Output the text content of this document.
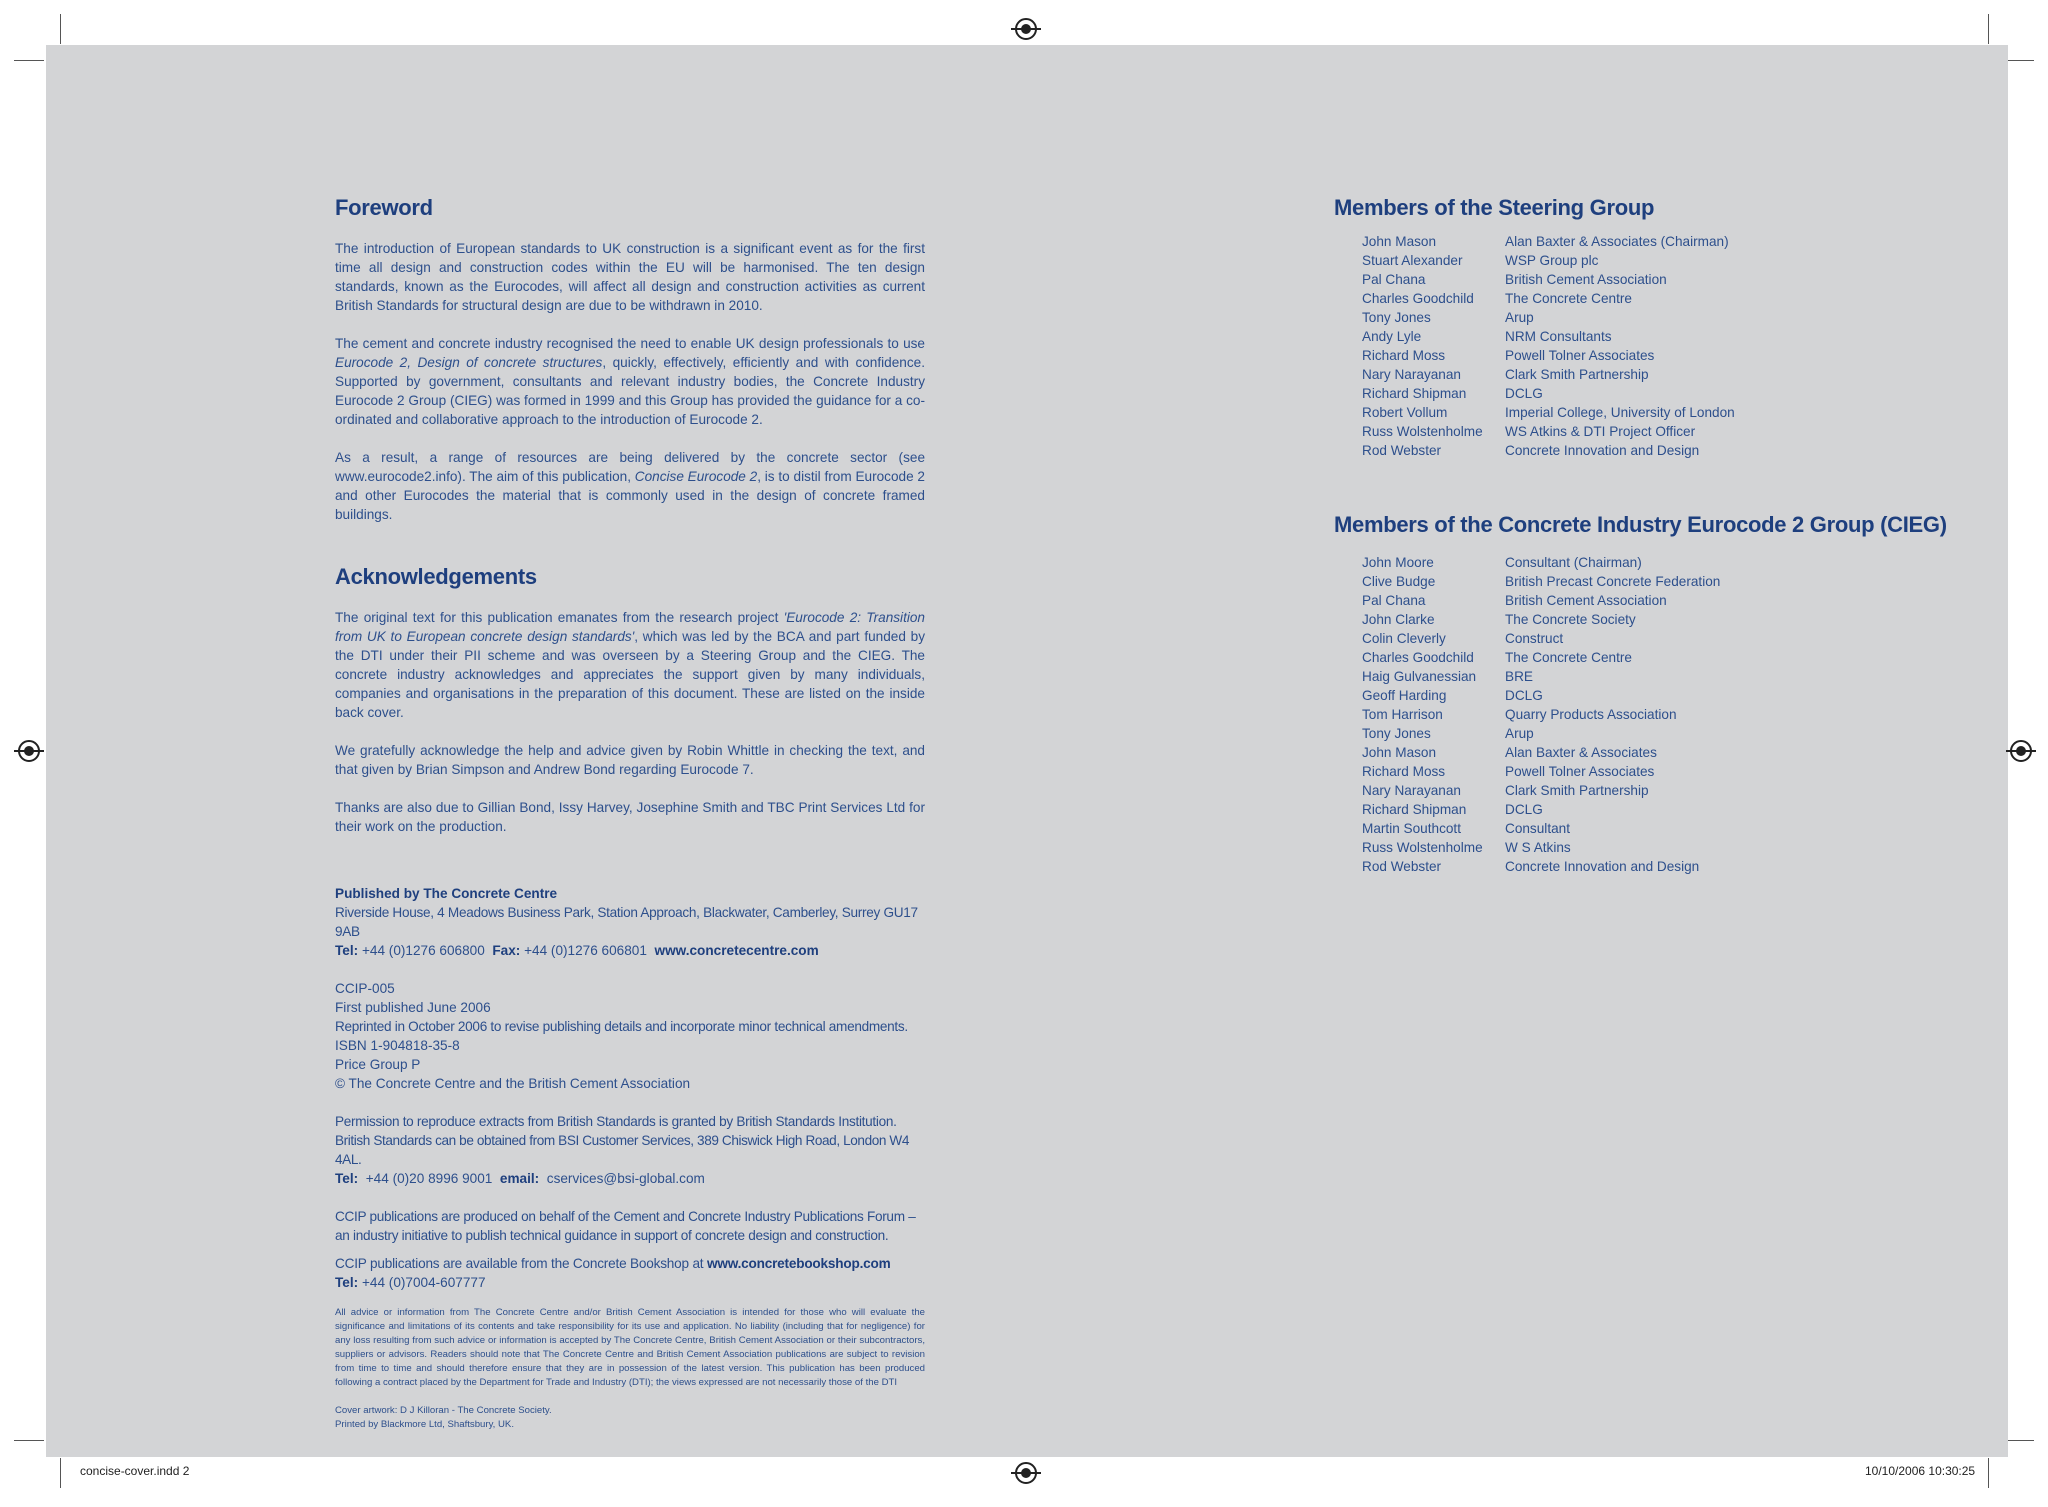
concise-cover.indd 2	10/10/2006 10:30:25
Foreword

The introduction of European standards to UK construction is a significant event as for the first time all design and construction codes within the EU will be harmonised. The ten design standards, known as the Eurocodes, will affect all design and construction activities as current British Standards for structural design are due to be withdrawn in 2010.

The cement and concrete industry recognised the need to enable UK design professionals to use Eurocode 2, Design of concrete structures, quickly, effectively, efficiently and with confidence. Supported by government, consultants and relevant industry bodies, the Concrete Industry Eurocode 2 Group (CIEG) was formed in 1999 and this Group has provided the guidance for a co-ordinated and collaborative approach to the introduction of Eurocode 2.

As a result, a range of resources are being delivered by the concrete sector (see www.eurocode2.info). The aim of this publication, Concise Eurocode 2, is to distil from Eurocode 2 and other Eurocodes the material that is commonly used in the design of concrete framed buildings.

Acknowledgements

The original text for this publication emanates from the research project 'Eurocode 2: Transition from UK to European concrete design standards', which was led by the BCA and part funded by the DTI under their PII scheme and was overseen by a Steering Group and the CIEG. The concrete industry acknowledges and appreciates the support given by many individuals, companies and organisations in the preparation of this document. These are listed on the inside back cover.

We gratefully acknowledge the help and advice given by Robin Whittle in checking the text, and that given by Brian Simpson and Andrew Bond regarding Eurocode 7.

Thanks are also due to Gillian Bond, Issy Harvey, Josephine Smith and TBC Print Services Ltd for their work on the production.

Published by The Concrete Centre

Riverside House, 4 Meadows Business Park, Station Approach, Blackwater, Camberley, Surrey GU17 9AB

Tel: +44 (0)1276 606800 Fax: +44 (0)1276 606801 www.concretecentre.com

CCIP-005

First published June 2006

Reprinted in October 2006 to revise publishing details and incorporate minor technical amendments.

ISBN 1-904818-35-8

Price Group P

© The Concrete Centre and the British Cement Association

Permission to reproduce extracts from British Standards is granted by British Standards Institution.

British Standards can be obtained from BSI Customer Services, 389 Chiswick High Road, London W4 4AL.

Tel: +44 (0)20 8996 9001 email: cservices@bsi-global.com

CCIP publications are produced on behalf of the Cement and Concrete Industry Publications Forum – an industry initiative to publish technical guidance in support of concrete design and construction.

CCIP publications are available from the Concrete Bookshop at www.concretebookshop.com

Tel: +44 (0)7004-607777

All advice or information from The Concrete Centre and/or British Cement Association is intended for those who will evaluate the significance and limitations of its contents and take responsibility for its use and application. No liability (including that for negligence) for any loss resulting from such advice or information is accepted by The Concrete Centre, British Cement Association or their subcontractors, suppliers or advisors. Readers should note that The Concrete Centre and British Cement Association publications are subject to revision from time to time and should therefore ensure that they are in possession of the latest version. This publication has been produced following a contract placed by the Department for Trade and Industry (DTI); the views expressed are not necessarily those of the DTI

Cover artwork: D J Killoran - The Concrete Society.

Printed by Blackmore Ltd, Shaftsbury, UK.

Members of the Steering Group
John Mason	Alan Baxter & Associates (Chairman)
Stuart Alexander	WSP Group plc
Pal Chana	British Cement Association
Charles Goodchild	The Concrete Centre
Tony Jones	Arup
Andy Lyle	NRM Consultants
Richard Moss	Powell Tolner Associates
Nary Narayanan	Clark Smith Partnership
Richard Shipman	DCLG
Robert Vollum	Imperial College, University of London
Russ Wolstenholme	WS Atkins & DTI Project Officer
Rod Webster	Concrete Innovation and Design
Members of the Concrete Industry Eurocode 2 Group (CIEG)
John Moore	Consultant (Chairman)
Clive Budge	British Precast Concrete Federation
Pal Chana	British Cement Association
John Clarke	The Concrete Society
Colin Cleverly	Construct
Charles Goodchild	The Concrete Centre
Haig Gulvanessian	BRE
Geoff Harding	DCLG
Tom Harrison	Quarry Products Association
Tony Jones	Arup
John Mason	Alan Baxter & Associates
Richard Moss	Powell Tolner Associates
Nary Narayanan	Clark Smith Partnership
Richard Shipman	DCLG
Martin Southcott	Consultant
Russ Wolstenholme	W S Atkins
Rod Webster	Concrete Innovation and Design
